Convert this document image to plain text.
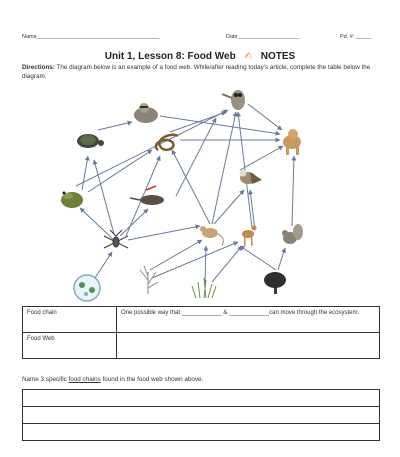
Name________________________________________	Date____________________	Pd. #: _____
Unit 1, Lesson 8: Food Web ✍ NOTES
Directions: The diagram below is an example of a food web. While/after reading today's article, complete the table below the diagram.
Food chain	One possible way that ____________ & ____________can move through the ecosystem.
Food Web	
Name 3 specific food chains found in the food web shown above.
